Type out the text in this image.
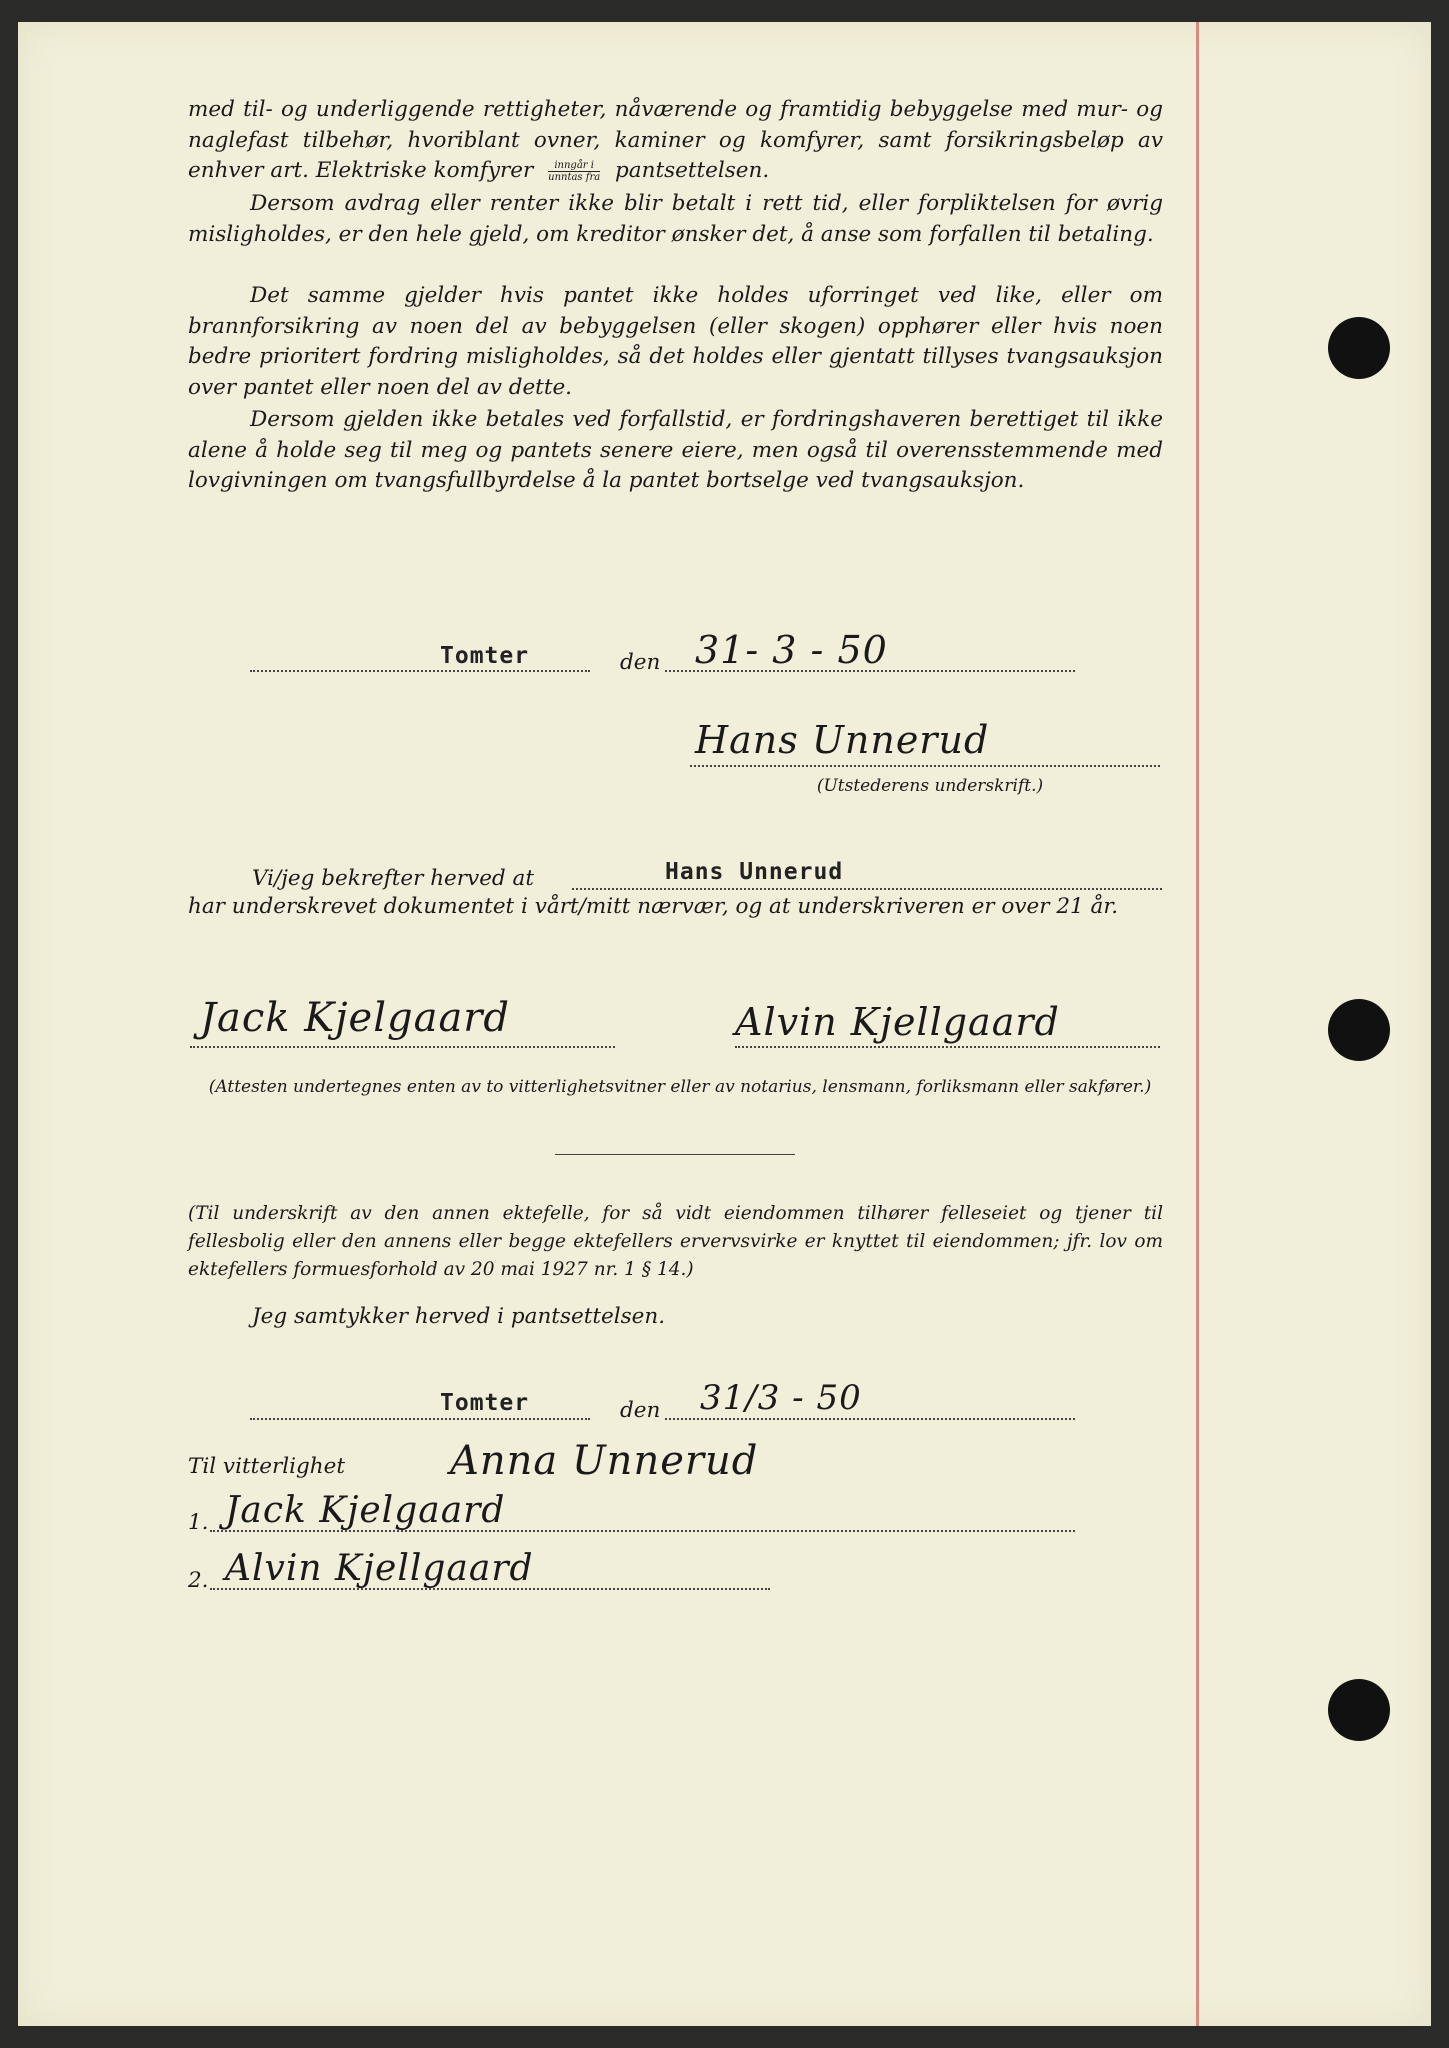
med til- og underliggende rettigheter, nåværende og framtidig bebyggelse med mur- og naglefast tilbehør, hvoriblant ovner, kaminer og komfyrer, samt forsikringsbeløp av enhver art. Elektriske komfyrer $\frac{\text{inngår i}}{\text{unntas fra}}$ pantsettelsen.
Dersom avdrag eller renter ikke blir betalt i rett tid, eller forpliktelsen for øvrig misligholdes, er den hele gjeld, om kreditor ønsker det, å anse som forfallen til betaling.
Det samme gjelder hvis pantet ikke holdes uforringet ved like, eller om brannforsikring av noen del av bebyggelsen (eller skogen) opphører eller hvis noen bedre prioritert fordring misligholdes, så det holdes eller gjentatt tillyses tvangsauksjon over pantet eller noen del av dette.
Dersom gjelden ikke betales ved forfallstid, er fordringshaveren berettiget til ikke alene å holde seg til meg og pantets senere eiere, men også til overensstemmende med lovgivningen om tvangsfullbyrdelse å la pantet bortselge ved tvangsauksjon.
Tomter	den 31- 3 - 50
Hans Unnerud
(Utstederens underskrift.)
Vi/jeg bekrefter herved at	Hans Unnerud
har underskrevet dokumentet i vårt/mitt nærvær, og at underskriveren er over 21 år.
Jack Kjelgaard	Alvin Kjellgaard
(Attesten undertegnes enten av to vitterlighetsvitner eller av notarius, lensmann, forliksmann eller sakfører.)
(Til underskrift av den annen ektefelle, for så vidt eiendommen tilhører felleseiet og tjener til fellesbolig eller den annens eller begge ektefellers ervervsvirke er knyttet til eiendommen; jfr. lov om ektefellers formuesforhold av 20 mai 1927 nr. 1 § 14.)
Jeg samtykker herved i pantsettelsen.
Tomter	den 31/3 - 50
Til vitterlighet	Anna Unnerud
1. Jack Kjelgaard
2. Alvin Kjellgaard
